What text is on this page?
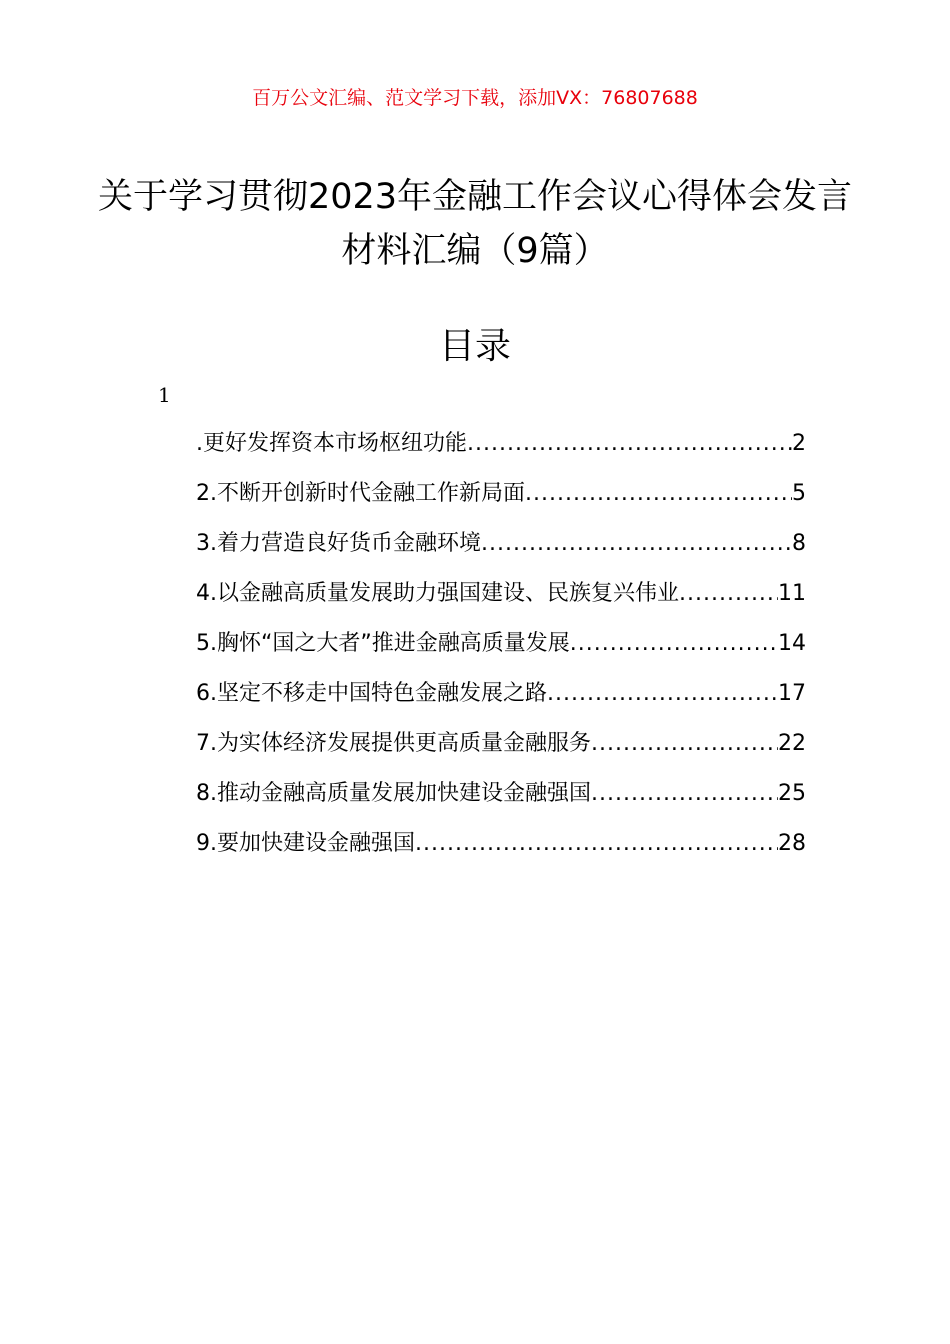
百万公文汇编、范文学习下载，添加VX：76807688
关于学习贯彻2023年金融工作会议心得体会发言材料汇编（9篇）
目录
1
.更好发挥资本市场枢纽功能 .....	2
2.不断开创新时代金融工作新局面 .....	5
3.着力营造良好货币金融环境 .....	8
4.以金融高质量发展助力强国建设、民族复兴伟业 .....	11
5.胸怀“国之大者”推进金融高质量发展 .....	14
6.坚定不移走中国特色金融发展之路 .....	17
7.为实体经济发展提供更高质量金融服务 .....	22
8.推动金融高质量发展加快建设金融强国 .....	25
9.要加快建设金融强国 .....	28
